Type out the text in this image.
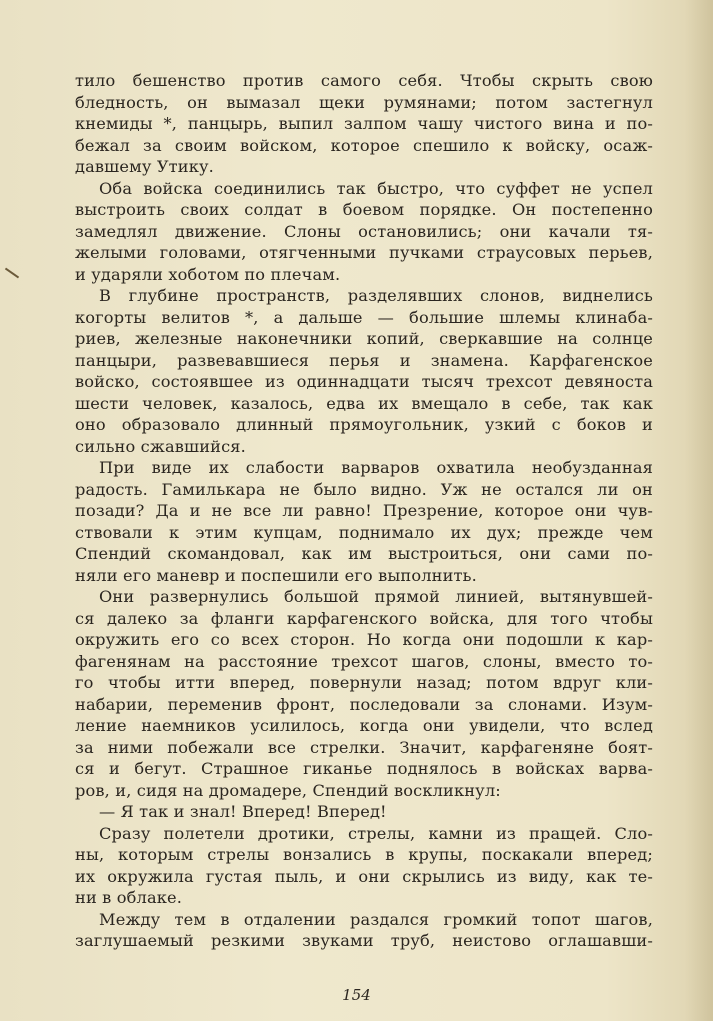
тило бешенство против самого себя. Чтобы скрыть свою
бледность, он вымазал щеки румянами; потом застегнул
кнемиды *, панцырь, выпил залпом чашу чистого вина и по-
бежал за своим войском, которое спешило к войску, осаж-
давшему Утику.
Оба войска соединились так быстро, что суффет не успел
выстроить своих солдат в боевом порядке. Он постепенно
замедлял движение. Слоны остановились; они качали тя-
желыми головами, отягченными пучками страусовых перьев,
и ударяли хоботом по плечам.
В глубине пространств, разделявших слонов, виднелись
когорты велитов *, а дальше — большие шлемы клинаба-
риев, железные наконечники копий, сверкавшие на солнце
панцыри, развевавшиеся перья и знамена. Карфагенское
войско, состоявшее из одиннадцати тысяч трехсот девяноста
шести человек, казалось, едва их вмещало в себе, так как
оно образовало длинный прямоугольник, узкий с боков и
сильно сжавшийся.
При виде их слабости варваров охватила необузданная
радость. Гамилькара не было видно. Уж не остался ли он
позади? Да и не все ли равно! Презрение, которое они чув-
ствовали к этим купцам, поднимало их дух; прежде чем
Спендий скомандовал, как им выстроиться, они сами по-
няли его маневр и поспешили его выполнить.
Они развернулись большой прямой линией, вытянувшей-
ся далеко за фланги карфагенского войска, для того чтобы
окружить его со всех сторон. Но когда они подошли к кар-
фагенянам на расстояние трехсот шагов, слоны, вместо то-
го чтобы итти вперед, повернули назад; потом вдруг кли-
набарии, переменив фронт, последовали за слонами. Изум-
ление наемников усилилось, когда они увидели, что вслед
за ними побежали все стрелки. Значит, карфагеняне боят-
ся и бегут. Страшное гиканье поднялось в войсках варва-
ров, и, сидя на дромадере, Спендий воскликнул:
— Я так и знал! Вперед! Вперед!
Сразу полетели дротики, стрелы, камни из пращей. Сло-
ны, которым стрелы вонзались в крупы, поскакали вперед;
их окружила густая пыль, и они скрылись из виду, как те-
ни в облаке.
Между тем в отдалении раздался громкий топот шагов,
заглушаемый резкими звуками труб, неистово оглашавши-
154
